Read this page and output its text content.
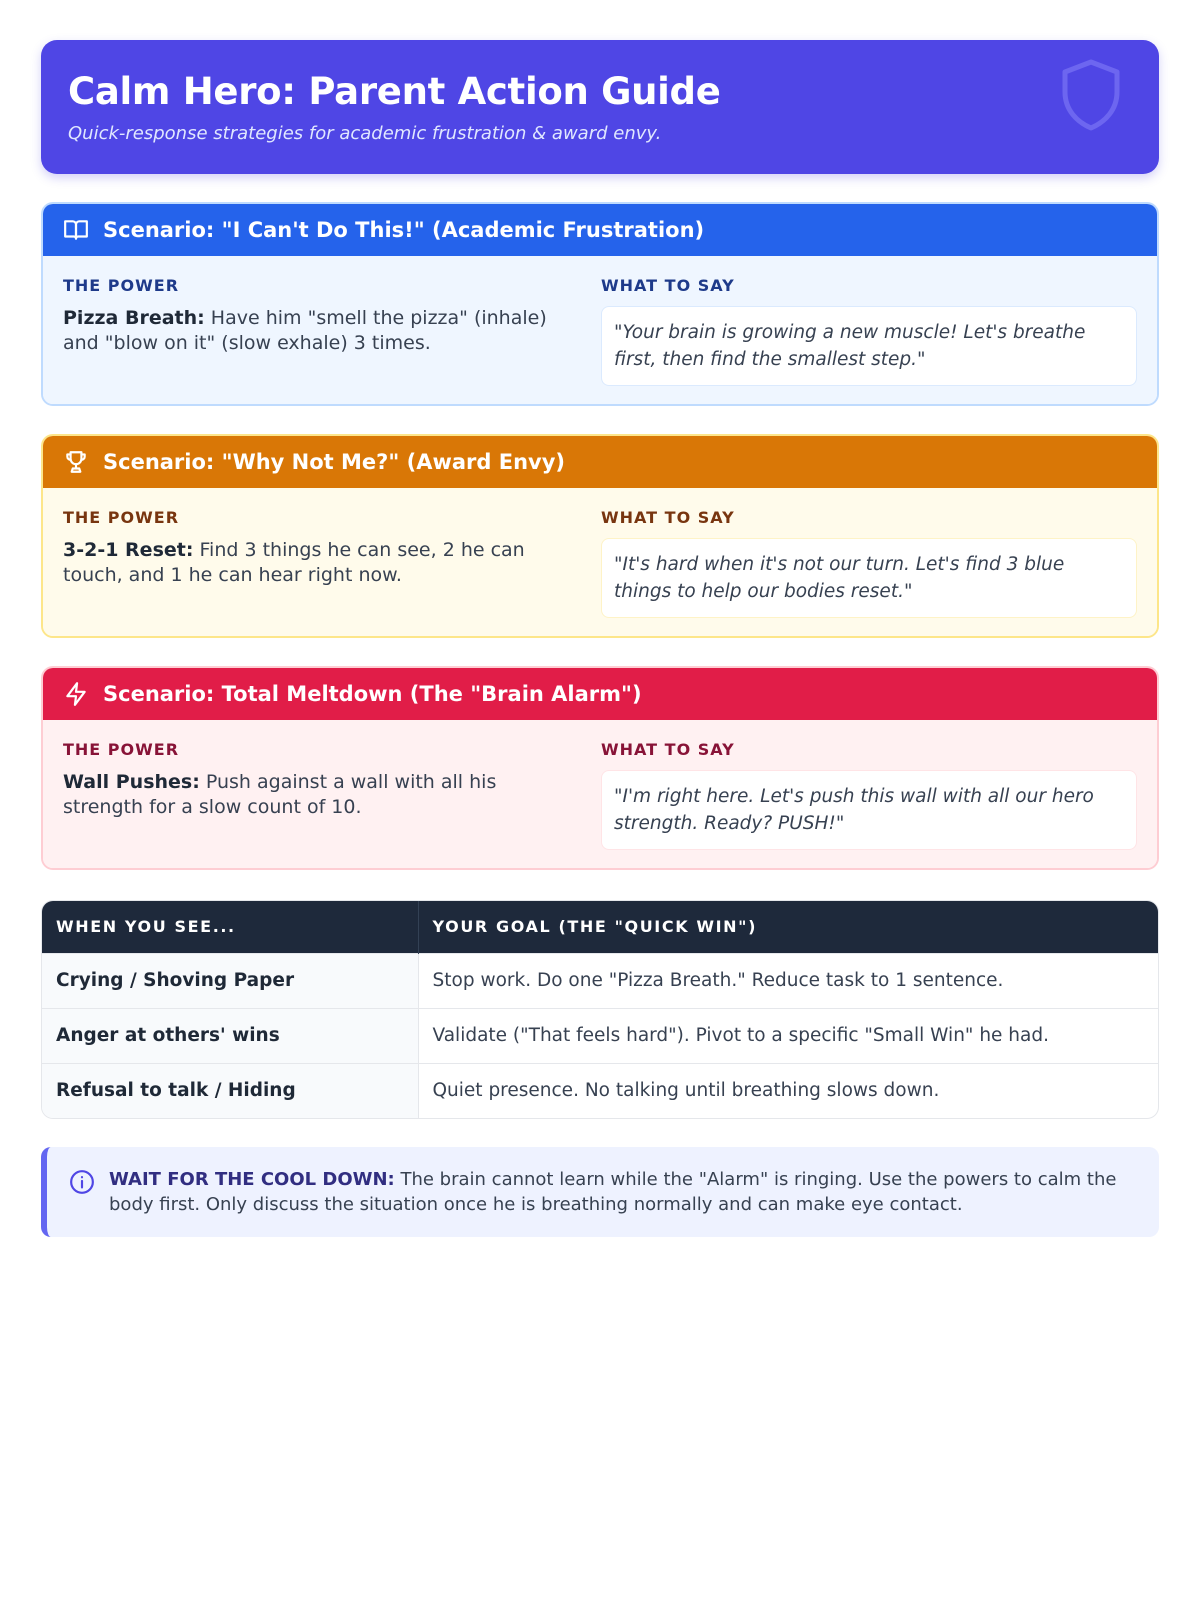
Calm Hero: Parent Action Guide
Quick-response strategies for academic frustration & award envy.
Scenario: "I Can't Do This!" (Academic Frustration)
THE POWER
Pizza Breath: Have him "smell the pizza" (inhale) and "blow on it" (slow exhale) 3 times.
WHAT TO SAY
"Your brain is growing a new muscle! Let's breathe first, then find the smallest step."
Scenario: "Why Not Me?" (Award Envy)
THE POWER
3-2-1 Reset: Find 3 things he can see, 2 he can touch, and 1 he can hear right now.
WHAT TO SAY
"It's hard when it's not our turn. Let's find 3 blue things to help our bodies reset."
Scenario: Total Meltdown (The "Brain Alarm")
THE POWER
Wall Pushes: Push against a wall with all his strength for a slow count of 10.
WHAT TO SAY
"I'm right here. Let's push this wall with all our hero strength. Ready? PUSH!"
WHEN YOU SEE...	YOUR GOAL (THE "QUICK WIN")
Crying / Shoving Paper	Stop work. Do one "Pizza Breath." Reduce task to 1 sentence.
Anger at others' wins	Validate ("That feels hard"). Pivot to a specific "Small Win" he had.
Refusal to talk / Hiding	Quiet presence. No talking until breathing slows down.
WAIT FOR THE COOL DOWN: The brain cannot learn while the "Alarm" is ringing. Use the powers to calm the body first. Only discuss the situation once he is breathing normally and can make eye contact.
